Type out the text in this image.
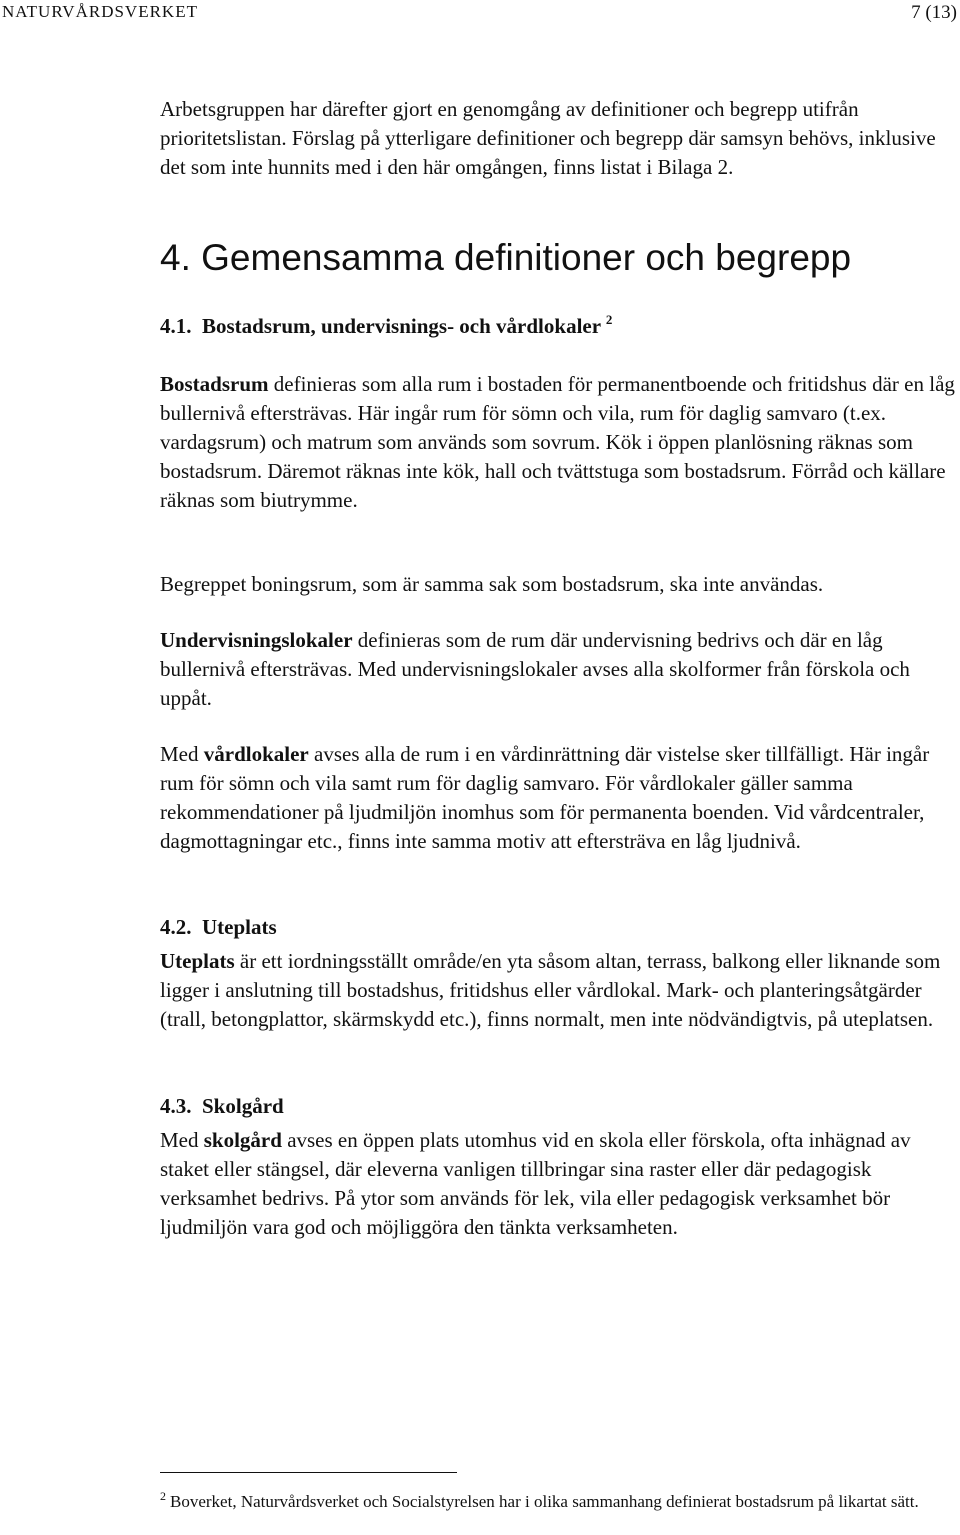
NATURVÅRDSVERKET	7 (13)

Arbetsgruppen har därefter gjort en genomgång av definitioner och begrepp utifrån prioritetslistan. Förslag på ytterligare definitioner och begrepp där samsyn behövs, inklusive det som inte hunnits med i den här omgången, finns listat i Bilaga 2.

4. Gemensamma definitioner och begrepp
4.1. Bostadsrum, undervisnings- och vårdlokaler $^2$

Bostadsrum definieras som alla rum i bostaden för permanentboende och fritidshus där en låg bullernivå eftersträvas. Här ingår rum för sömn och vila, rum för daglig samvaro (t.ex. vardagsrum) och matrum som används som sovrum. Kök i öppen planlösning räknas som bostadsrum. Däremot räknas inte kök, hall och tvättstuga som bostadsrum. Förråd och källare räknas som biutrymme.

Begreppet boningsrum, som är samma sak som bostadsrum, ska inte användas.

Undervisningslokaler definieras som de rum där undervisning bedrivs och där en låg bullernivå eftersträvas. Med undervisningslokaler avses alla skolformer från förskola och uppåt.

Med vårdlokaler avses alla de rum i en vårdinrättning där vistelse sker tillfälligt. Här ingår rum för sömn och vila samt rum för daglig samvaro. För vårdlokaler gäller samma rekommendationer på ljudmiljön inomhus som för permanenta boenden. Vid vårdcentraler, dagmottagningar etc., finns inte samma motiv att eftersträva en låg ljudnivå.

4.2. Uteplats

Uteplats är ett iordningsställt område/en yta såsom altan, terrass, balkong eller liknande som ligger i anslutning till bostadshus, fritidshus eller vårdlokal. Mark- och planteringsåtgärder (trall, betongplattor, skärmskydd etc.), finns normalt, men inte nödvändigtvis, på uteplatsen.

4.3. Skolgård

Med skolgård avses en öppen plats utomhus vid en skola eller förskola, ofta inhägnad av staket eller stängsel, där eleverna vanligen tillbringar sina raster eller där pedagogisk verksamhet bedrivs. På ytor som används för lek, vila eller pedagogisk verksamhet bör ljudmiljön vara god och möjliggöra den tänkta verksamheten.

$^2$ Boverket, Naturvårdsverket och Socialstyrelsen har i olika sammanhang definierat bostadsrum på likartat sätt.
